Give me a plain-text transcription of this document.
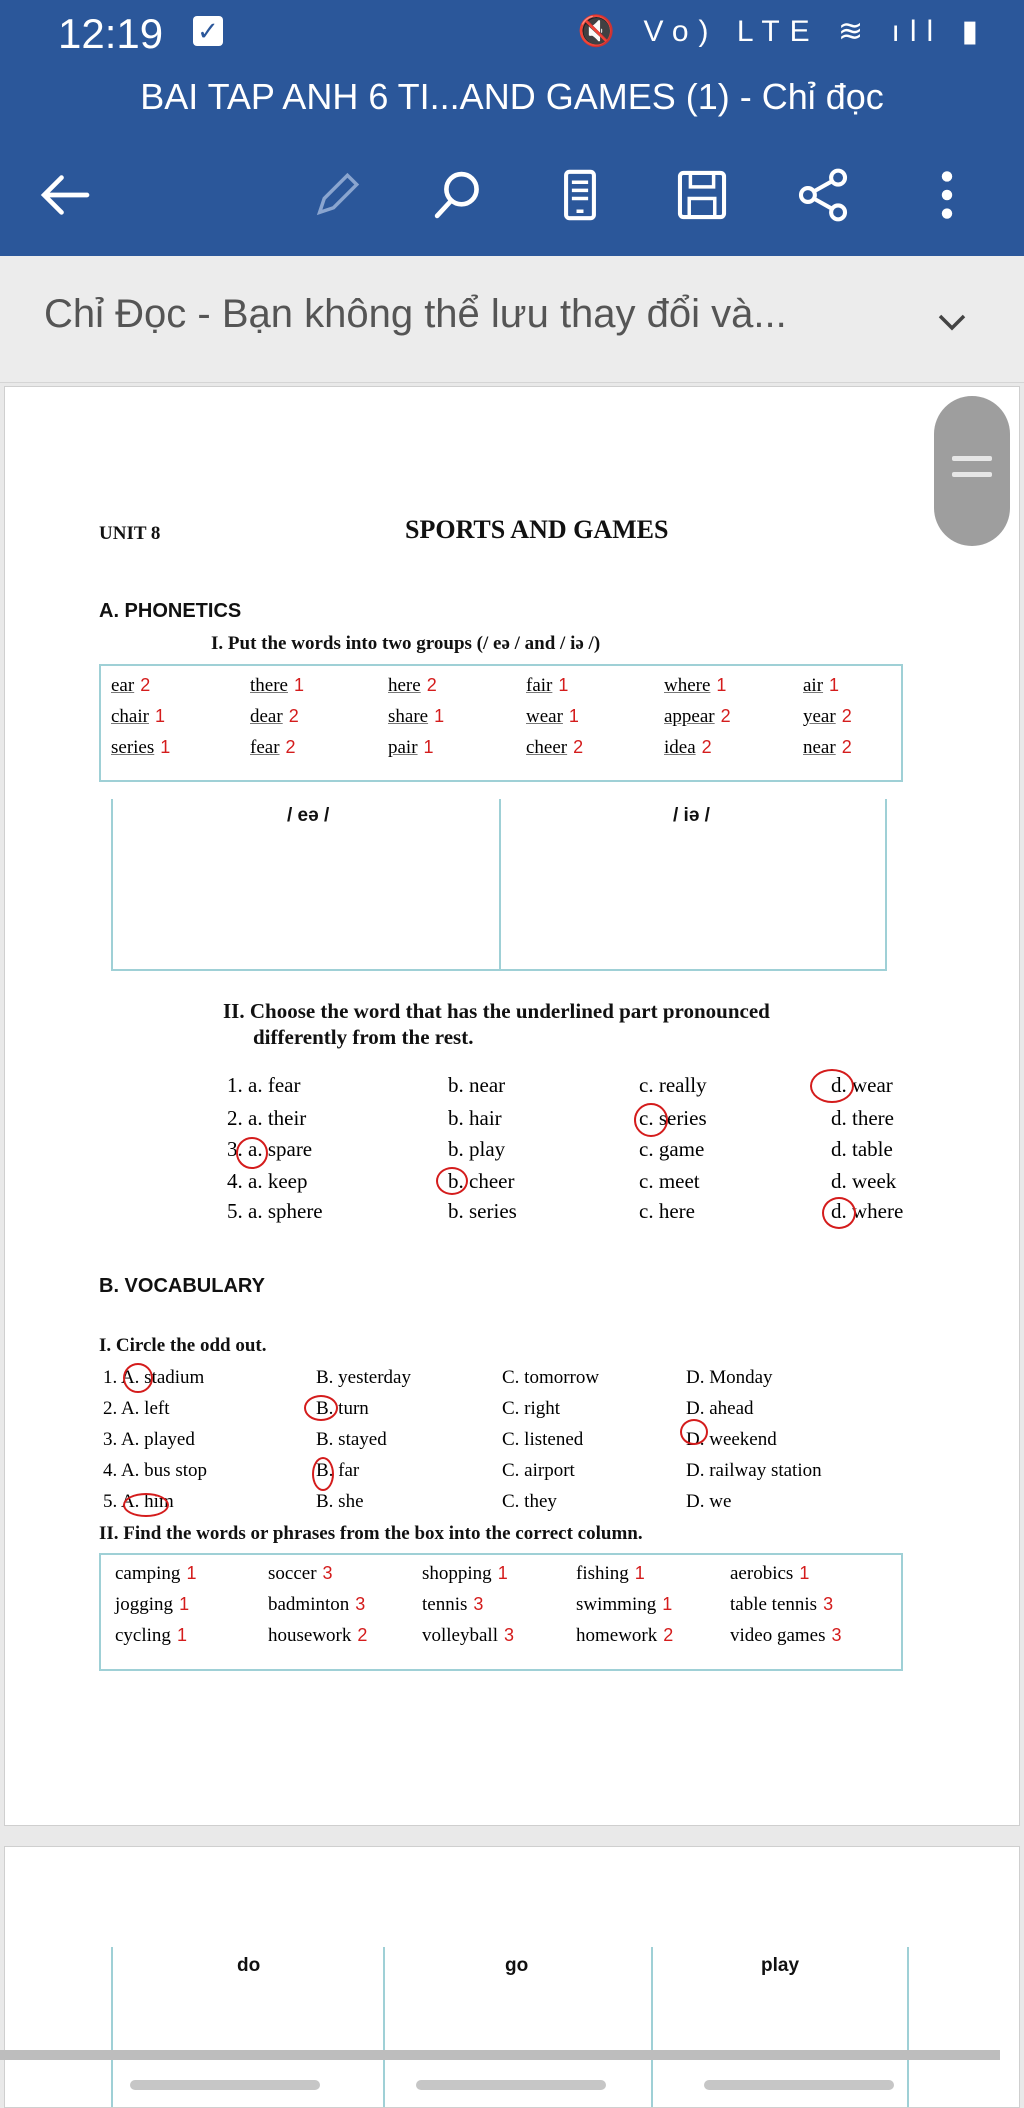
12:19 ✓	🔇 Vo) LTE ≋ ıll ▮
BAI TAP ANH 6 TI...AND GAMES (1) - Chỉ đọc
Chỉ Đọc - Bạn không thể lưu thay đổi và...
UNIT 8	SPORTS AND GAMES
A. PHONETICS
I. Put the words into two groups (/ eə / and / iə /)
ear 2	there 1	here 2	fair 1	where 1	air 1
chair 1	dear 2	share 1	wear 1	appear 2	year 2
series 1	fear 2	pair 1	cheer 2	idea 2	near 2
/ eə /	/ iə /
II. Choose the word that has the underlined part pronounced
differently from the rest.
1. a. fear	b. near	c. really	d. wear
2. a. their	b. hair	c. series	d. there
3. a. spare	b. play	c. game	d. table
4. a. keep	b. cheer	c. meet	d. week
5. a. sphere	b. series	c. here	d. where
B. VOCABULARY
I. Circle the odd out.
1. A. stadium	B. yesterday	C. tomorrow	D. Monday
2. A. left	B. turn	C. right	D. ahead
3. A. played	B. stayed	C. listened	D. weekend
4. A. bus stop	B. far	C. airport	D. railway station
5. A. him	B. she	C. they	D. we
II. Find the words or phrases from the box into the correct column.
camping 1	soccer 3	shopping 1	fishing 1	aerobics 1
jogging 1	badminton 3	tennis 3	swimming 1	table tennis 3
cycling 1	housework 2	volleyball 3	homework 2	video games 3
do	go	play
